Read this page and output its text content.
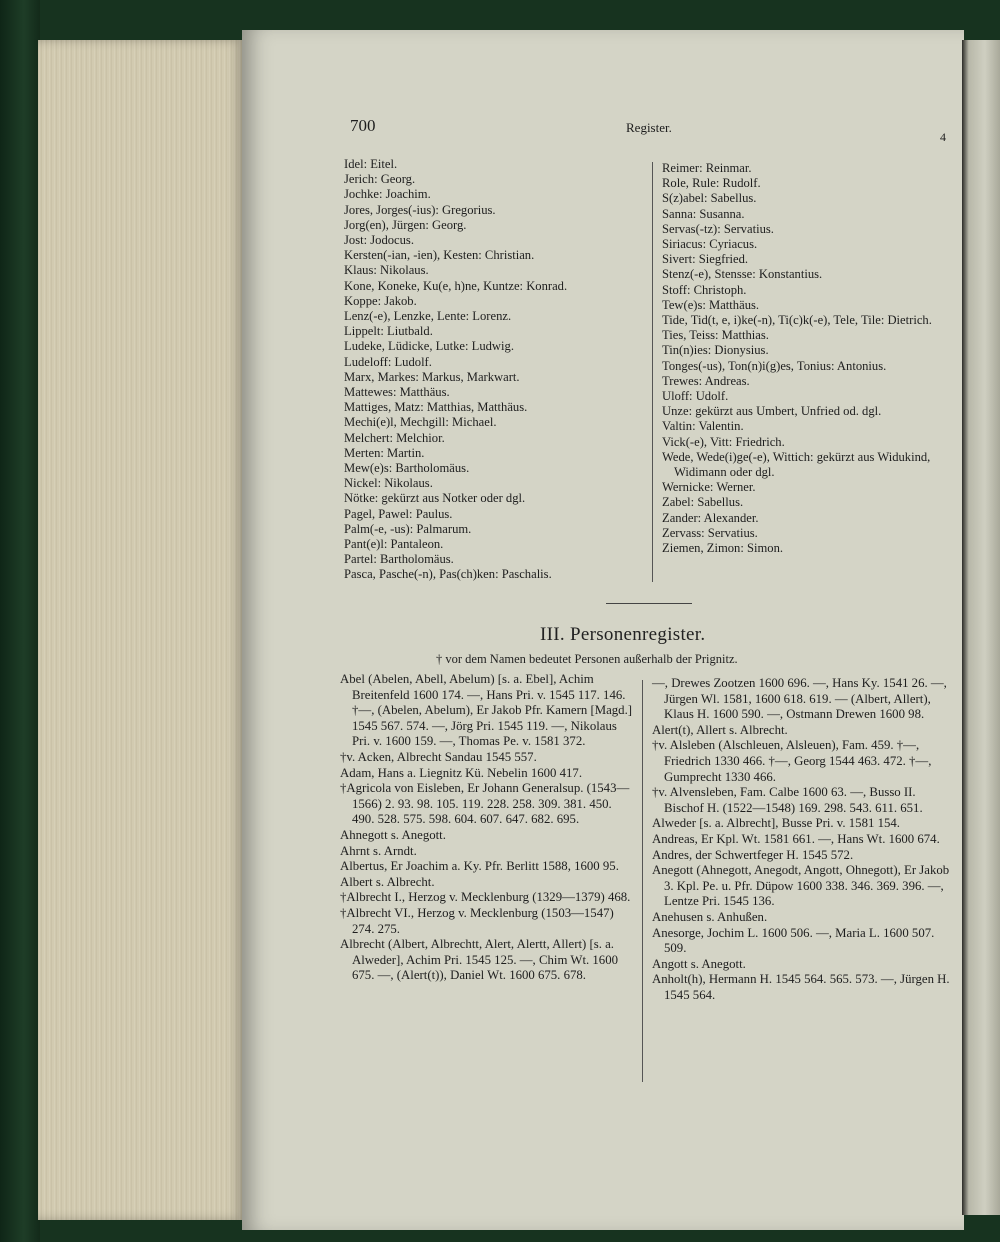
700	Register.
4

Idel: Eitel.

Jerich: Georg.

Jochke: Joachim.

Jores, Jorges(-ius): Gregorius.

Jorg(en), Jürgen: Georg.

Jost: Jodocus.

Kersten(-ian, -ien), Kesten: Christian.

Klaus: Nikolaus.

Kone, Koneke, Ku(e, h)ne, Kuntze: Konrad.

Koppe: Jakob.

Lenz(-e), Lenzke, Lente: Lorenz.

Lippelt: Liutbald.

Ludeke, Lüdicke, Lutke: Ludwig.

Ludeloff: Ludolf.

Marx, Markes: Markus, Markwart.

Mattewes: Matthäus.

Mattiges, Matz: Matthias, Matthäus.

Mechi(e)l, Mechgill: Michael.

Melchert: Melchior.

Merten: Martin.

Mew(e)s: Bartholomäus.

Nickel: Nikolaus.

Nötke: gekürzt aus Notker oder dgl.

Pagel, Pawel: Paulus.

Palm(-e, -us): Palmarum.

Pant(e)l: Pantaleon.

Partel: Bartholomäus.

Pasca, Pasche(-n), Pas(ch)ken: Paschalis.

Reimer: Reinmar.

Role, Rule: Rudolf.

S(z)abel: Sabellus.

Sanna: Susanna.

Servas(-tz): Servatius.

Siriacus: Cyriacus.

Sivert: Siegfried.

Stenz(-e), Stensse: Konstantius.

Stoff: Christoph.

Tew(e)s: Matthäus.

Tide, Tid(t, e, i)ke(-n), Ti(c)k(-e), Tele, Tile: Dietrich.

Ties, Teiss: Matthias.

Tin(n)ies: Dionysius.

Tonges(-us), Ton(n)i(g)es, Tonius: Antonius.

Trewes: Andreas.

Uloff: Udolf.

Unze: gekürzt aus Umbert, Unfried od. dgl.

Valtin: Valentin.

Vick(-e), Vitt: Friedrich.

Wede, Wede(i)ge(-e), Wittich: gekürzt aus Widukind, Widimann oder dgl.

Wernicke: Werner.

Zabel: Sabellus.

Zander: Alexander.

Zervass: Servatius.

Ziemen, Zimon: Simon.

III. Personenregister.
† vor dem Namen bedeutet Personen außerhalb der Prignitz.

Abel (Abelen, Abell, Abelum) [s. a. Ebel], Achim Breitenfeld 1600 174. —, Hans Pri. v. 1545 117. 146. †—, (Abelen, Abelum), Er Jakob Pfr. Kamern [Magd.] 1545 567. 574. —, Jörg Pri. 1545 119. —, Nikolaus Pri. v. 1600 159. —, Thomas Pe. v. 1581 372.

†v. Acken, Albrecht Sandau 1545 557.

Adam, Hans a. Liegnitz Kü. Nebelin 1600 417.

†Agricola von Eisleben, Er Johann Generalsup. (1543—1566) 2. 93. 98. 105. 119. 228. 258. 309. 381. 450. 490. 528. 575. 598. 604. 607. 647. 682. 695.

Ahnegott s. Anegott.

Ahrnt s. Arndt.

Albertus, Er Joachim a. Ky. Pfr. Berlitt 1588, 1600 95.

Albert s. Albrecht.

†Albrecht I., Herzog v. Mecklenburg (1329—1379) 468.

†Albrecht VI., Herzog v. Mecklenburg (1503—1547) 274. 275.

Albrecht (Albert, Albrechtt, Alert, Alertt, Allert) [s. a. Alweder], Achim Pri. 1545 125. —, Chim Wt. 1600 675. —, (Alert(t)), Daniel Wt. 1600 675. 678.

—, Drewes Zootzen 1600 696. —, Hans Ky. 1541 26. —, Jürgen Wl. 1581, 1600 618. 619. — (Albert, Allert), Klaus H. 1600 590. —, Ostmann Drewen 1600 98.

Alert(t), Allert s. Albrecht.

†v. Alsleben (Alschleuen, Alsleuen), Fam. 459. †—, Friedrich 1330 466. †—, Georg 1544 463. 472. †—, Gumprecht 1330 466.

†v. Alvensleben, Fam. Calbe 1600 63. —, Busso II. Bischof H. (1522—1548) 169. 298. 543. 611. 651.

Alweder [s. a. Albrecht], Busse Pri. v. 1581 154.

Andreas, Er Kpl. Wt. 1581 661. —, Hans Wt. 1600 674.

Andres, der Schwertfeger H. 1545 572.

Anegott (Ahnegott, Anegodt, Angott, Ohnegott), Er Jakob 3. Kpl. Pe. u. Pfr. Düpow 1600 338. 346. 369. 396. —, Lentze Pri. 1545 136.

Anehusen s. Anhußen.

Anesorge, Jochim L. 1600 506. —, Maria L. 1600 507. 509.

Angott s. Anegott.

Anholt(h), Hermann H. 1545 564. 565. 573. —, Jürgen H. 1545 564.
